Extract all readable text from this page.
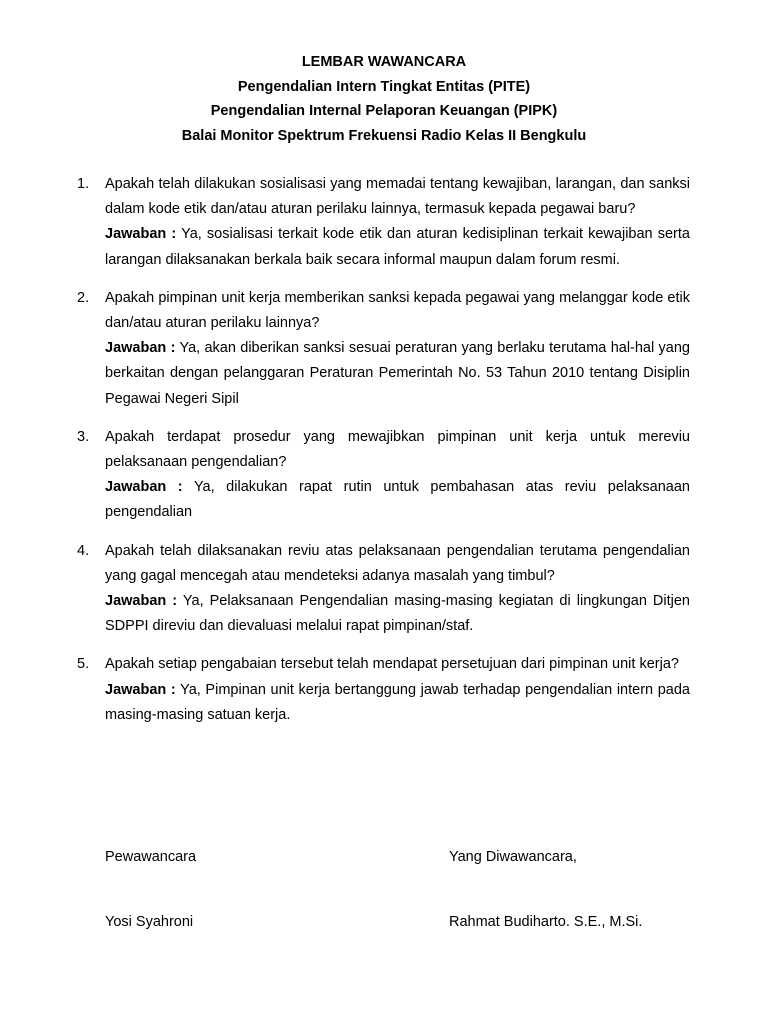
LEMBAR WAWANCARA
Pengendalian Intern Tingkat Entitas (PITE)
Pengendalian Internal Pelaporan Keuangan (PIPK)
Balai Monitor Spektrum Frekuensi Radio Kelas II Bengkulu
1. Apakah telah dilakukan sosialisasi yang memadai tentang kewajiban, larangan, dan sanksi dalam kode etik dan/atau aturan perilaku lainnya, termasuk kepada pegawai baru?
Jawaban : Ya, sosialisasi terkait kode etik dan aturan kedisiplinan terkait kewajiban serta larangan dilaksanakan berkala baik secara informal maupun dalam forum resmi.
2. Apakah pimpinan unit kerja memberikan sanksi kepada pegawai yang melanggar kode etik dan/atau aturan perilaku lainnya?
Jawaban : Ya, akan diberikan sanksi sesuai peraturan yang berlaku terutama hal-hal yang berkaitan dengan pelanggaran Peraturan Pemerintah No. 53 Tahun 2010 tentang Disiplin Pegawai Negeri Sipil
3. Apakah terdapat prosedur yang mewajibkan pimpinan unit kerja untuk mereviu pelaksanaan pengendalian?
Jawaban : Ya, dilakukan rapat rutin untuk pembahasan atas reviu pelaksanaan pengendalian
4. Apakah telah dilaksanakan reviu atas pelaksanaan pengendalian terutama pengendalian yang gagal mencegah atau mendeteksi adanya masalah yang timbul?
Jawaban : Ya, Pelaksanaan Pengendalian masing-masing kegiatan di lingkungan Ditjen SDPPI direviu dan dievaluasi melalui rapat pimpinan/staf.
5. Apakah setiap pengabaian tersebut telah mendapat persetujuan dari pimpinan unit kerja?
Jawaban : Ya, Pimpinan unit kerja bertanggung jawab terhadap pengendalian intern pada masing-masing satuan kerja.
Pewawancara	Yang Diwawancara,
Yosi Syahroni	Rahmat Budiharto. S.E., M.Si.
